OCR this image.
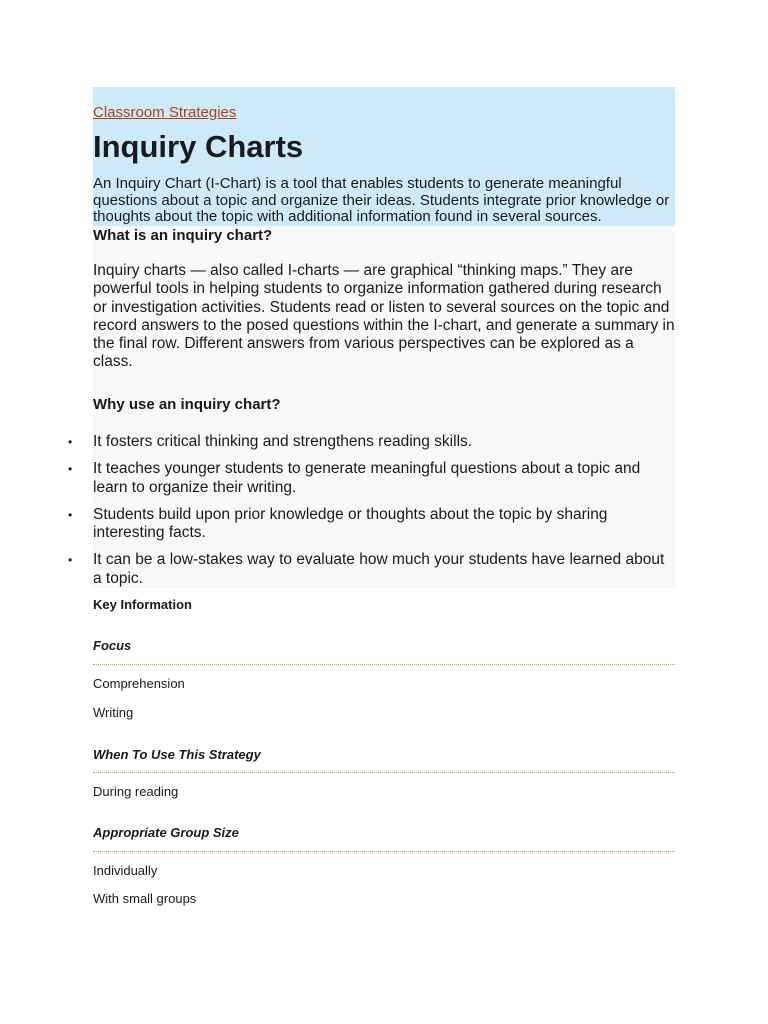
Classroom Strategies
Inquiry Charts

An Inquiry Chart (I-Chart) is a tool that enables students to generate meaningful questions about a topic and organize their ideas. Students integrate prior knowledge or thoughts about the topic with additional information found in several sources.

What is an inquiry chart?

Inquiry charts — also called I-charts — are graphical “thinking maps.” They are powerful tools in helping students to organize information gathered during research or investigation activities. Students read or listen to several sources on the topic and record answers to the posed questions within the I-chart, and generate a summary in the final row. Different answers from various perspectives can be explored as a class.

Why use an inquiry chart?
• It fosters critical thinking and strengthens reading skills.
• It teaches younger students to generate meaningful questions about a topic and learn to organize their writing.
• Students build upon prior knowledge or thoughts about the topic by sharing interesting facts.
• It can be a low-stakes way to evaluate how much your students have learned about a topic.
Key Information
Focus
Comprehension
Writing
When To Use This Strategy
During reading
Appropriate Group Size
Individually
With small groups
